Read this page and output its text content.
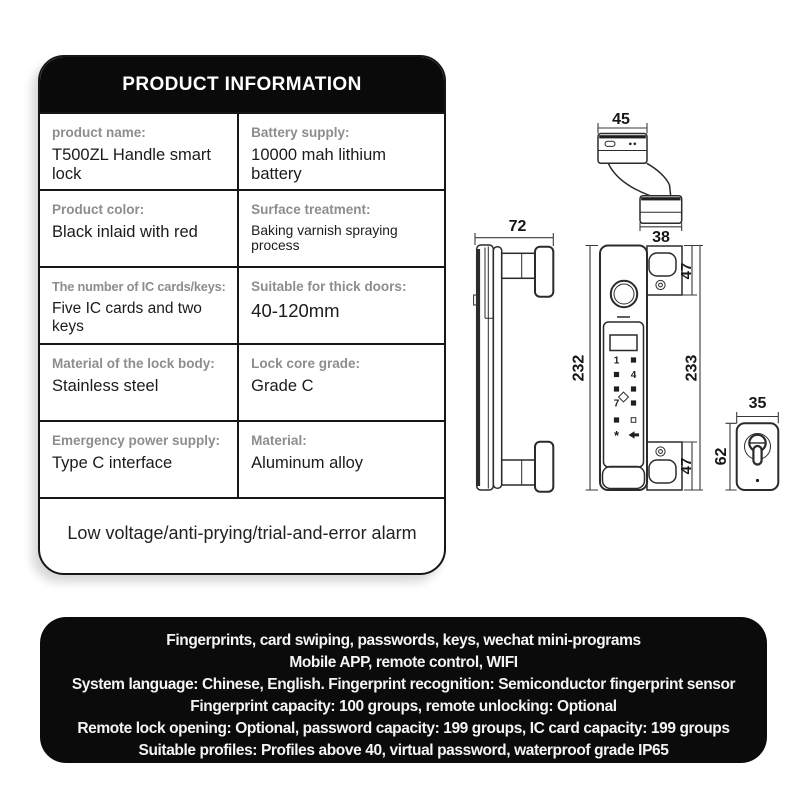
PRODUCT INFORMATION
product name:
T500ZL Handle smart lock
Battery supply:
10000 mah lithium battery
Product color:
Black inlaid with red
Surface treatment:
Baking varnish spraying process
The number of IC cards/keys:
Five IC cards and two keys
Suitable for thick doors:
40-120mm
Material of the lock body:
Stainless steel
Lock core grade:
Grade C
Emergency power supply:
Type C interface
Material:
Aluminum alloy
Low voltage/anti-prying/trial-and-error alarm
45
38
72
232	1
4
7
*
47
233
47
35
62
Fingerprints, card swiping, passwords, keys, wechat mini-programs
Mobile APP, remote control, WIFI
System language: Chinese, English. Fingerprint recognition: Semiconductor fingerprint sensor
Fingerprint capacity: 100 groups, remote unlocking: Optional
Remote lock opening: Optional, password capacity: 199 groups, IC card capacity: 199 groups
Suitable profiles: Profiles above 40, virtual password, waterproof grade IP65
